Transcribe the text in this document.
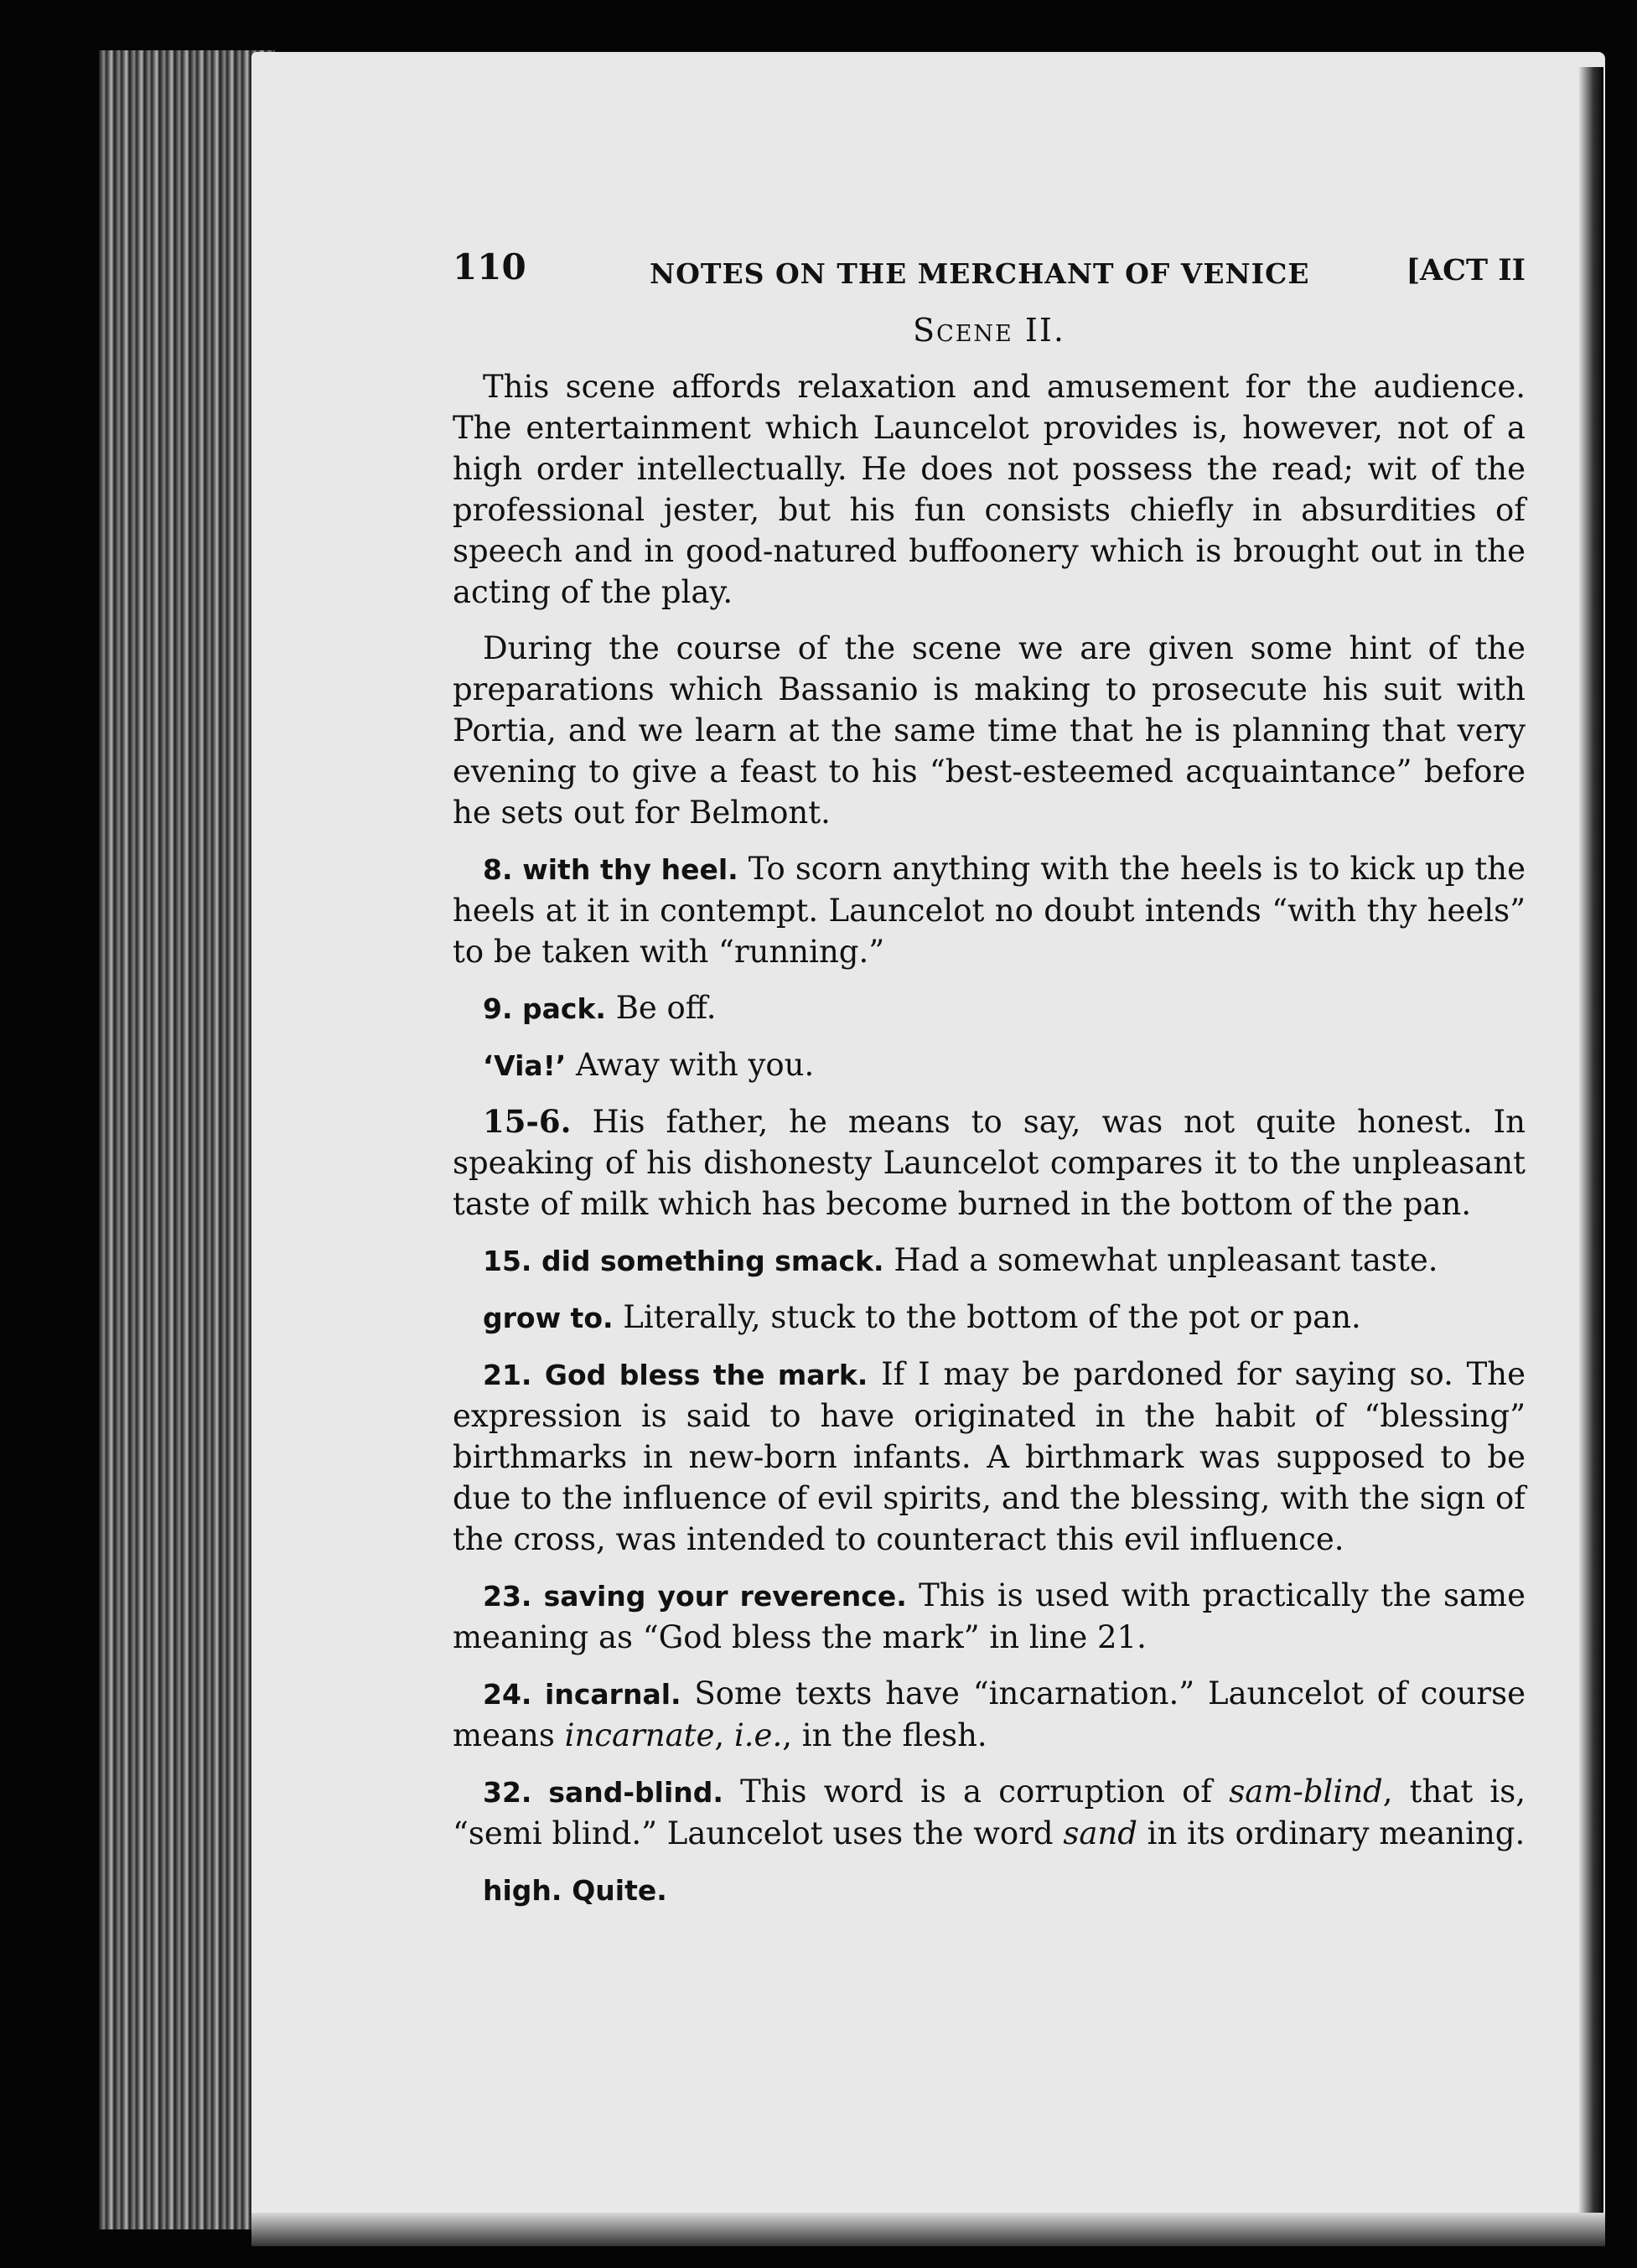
110	NOTES ON THE MERCHANT OF VENICE	[ACT II
Scene II.

This scene affords relaxation and amusement for the audience. The entertainment which Launcelot provides is, however, not of a high order intellectually. He does not possess the read; wit of the professional jester, but his fun consists chiefly in absurdities of speech and in good-natured buffoonery which is brought out in the acting of the play.

During the course of the scene we are given some hint of the preparations which Bassanio is making to prosecute his suit with Portia, and we learn at the same time that he is planning that very evening to give a feast to his “best-esteemed acquaintance” before he sets out for Belmont.

8. with thy heel. To scorn anything with the heels is to kick up the heels at it in contempt. Launcelot no doubt intends “with thy heels” to be taken with “running.”

9. pack. Be off.

‘Via!’ Away with you.

15-6. His father, he means to say, was not quite honest. In speaking of his dishonesty Launcelot compares it to the unpleasant taste of milk which has become burned in the bottom of the pan.

15. did something smack. Had a somewhat unpleasant taste.

grow to. Literally, stuck to the bottom of the pot or pan.

21. God bless the mark. If I may be pardoned for saying so. The expression is said to have originated in the habit of “blessing” birthmarks in new-born infants. A birthmark was supposed to be due to the influence of evil spirits, and the blessing, with the sign of the cross, was intended to counteract this evil influence.

23. saving your reverence. This is used with practically the same meaning as “God bless the mark” in line 21.

24. incarnal. Some texts have “incarnation.” Launcelot of course means incarnate, i.e., in the flesh.

32. sand-blind. This word is a corruption of sam-blind, that is, “semi blind.” Launcelot uses the word sand in its ordinary meaning.

high. Quite.
